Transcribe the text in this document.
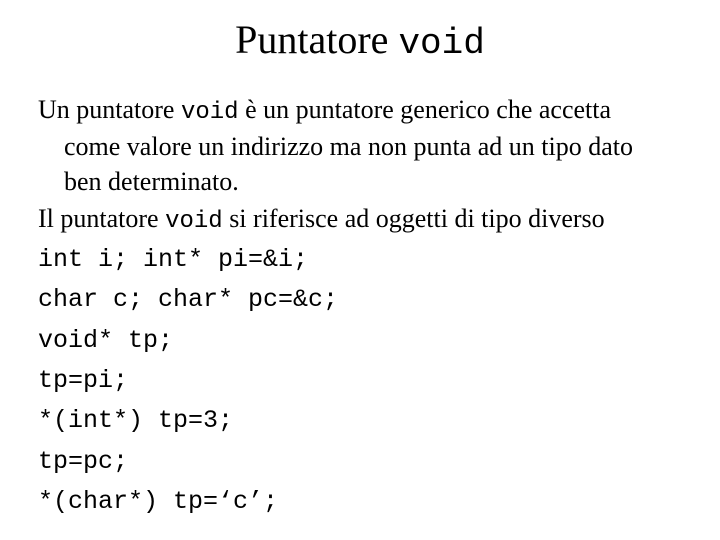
Puntatore void
Un puntatore void è un puntatore generico che accetta
come valore un indirizzo ma non punta ad un tipo dato
ben determinato.
Il puntatore void si riferisce ad oggetti di tipo diverso
int i; int* pi=&i;
char c; char* pc=&c;
void* tp;
tp=pi;
*(int*) tp=3;
tp=pc;
*(char*) tp=‘c’;
